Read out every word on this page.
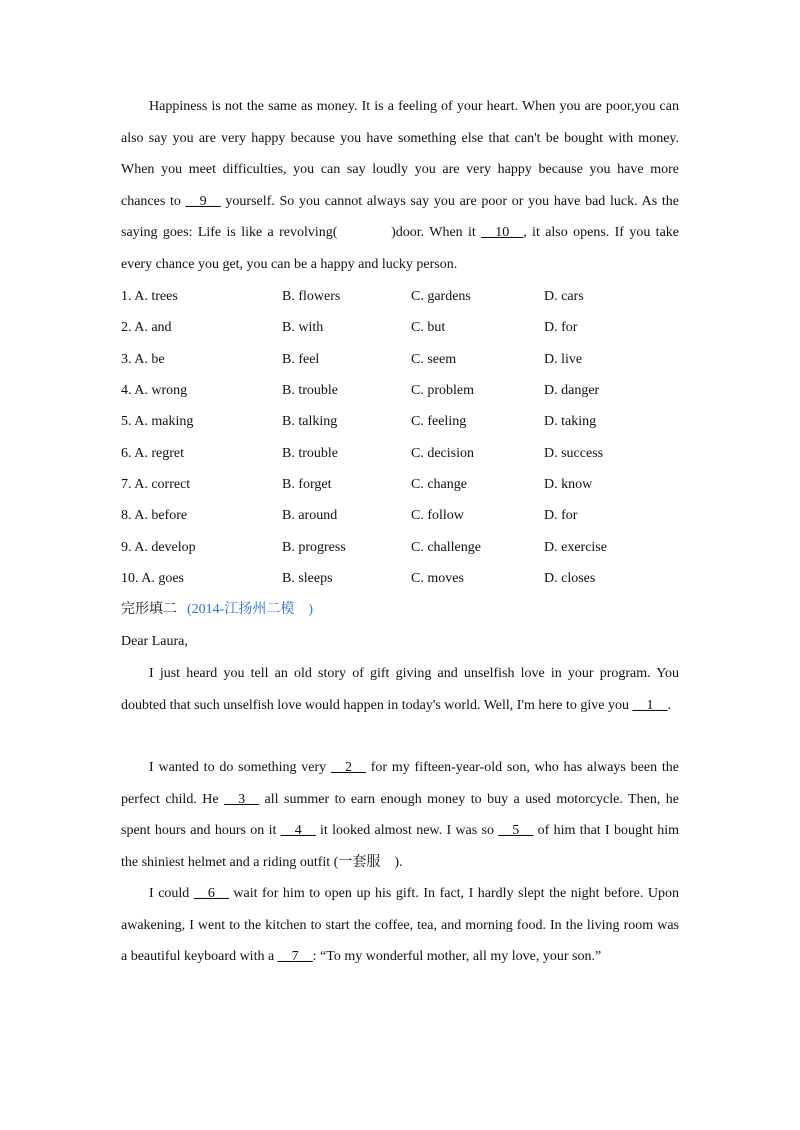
Happiness is not the same as money. It is a feeling of your heart. When you are poor,you can

also say you are very happy because you have something else that can't be bought with money.

When you meet difficulties, you can say loudly you are very happy because you have more

chances to __9__ yourself. So you cannot always say you are poor or you have bad luck. As the

saying goes: Life is like a revolving(	)door. When it __10__, it also opens. If you take

every chance you get, you can be a happy and lucky person.

1. A. trees	B. flowers	C. gardens	D. cars
2. A. and	B. with	C. but	D. for
3. A. be	B. feel	C. seem	D. live
4. A. wrong	B. trouble	C. problem	D. danger
5. A. making	B. talking	C. feeling	D. taking
6. A. regret	B. trouble	C. decision	D. success
7. A. correct	B. forget	C. change	D. know
8. A. before	B. around	C. follow	D. for
9. A. develop	B. progress	C. challenge	D. exercise
10. A. goes	B. sleeps	C. moves	D. closes
完形填二 (2014-江扬州二模　)
Dear Laura,

I just heard you tell an old story of gift giving and unselfish love in your program. You

doubted that such unselfish love would happen in today's world. Well, I'm here to give you __1__.

I wanted to do something very __2__ for my fifteen-year-old son, who has always been the

perfect child. He __3__ all summer to earn enough money to buy a used motorcycle. Then, he

spent hours and hours on it __4__ it looked almost new. I was so __5__ of him that I bought him

the shiniest helmet and a riding outfit (一套服　).

I could __6__ wait for him to open up his gift. In fact, I hardly slept the night before. Upon

awakening, I went to the kitchen to start the coffee, tea, and morning food. In the living room was

a beautiful keyboard with a __7__: “To my wonderful mother, all my love, your son.”
